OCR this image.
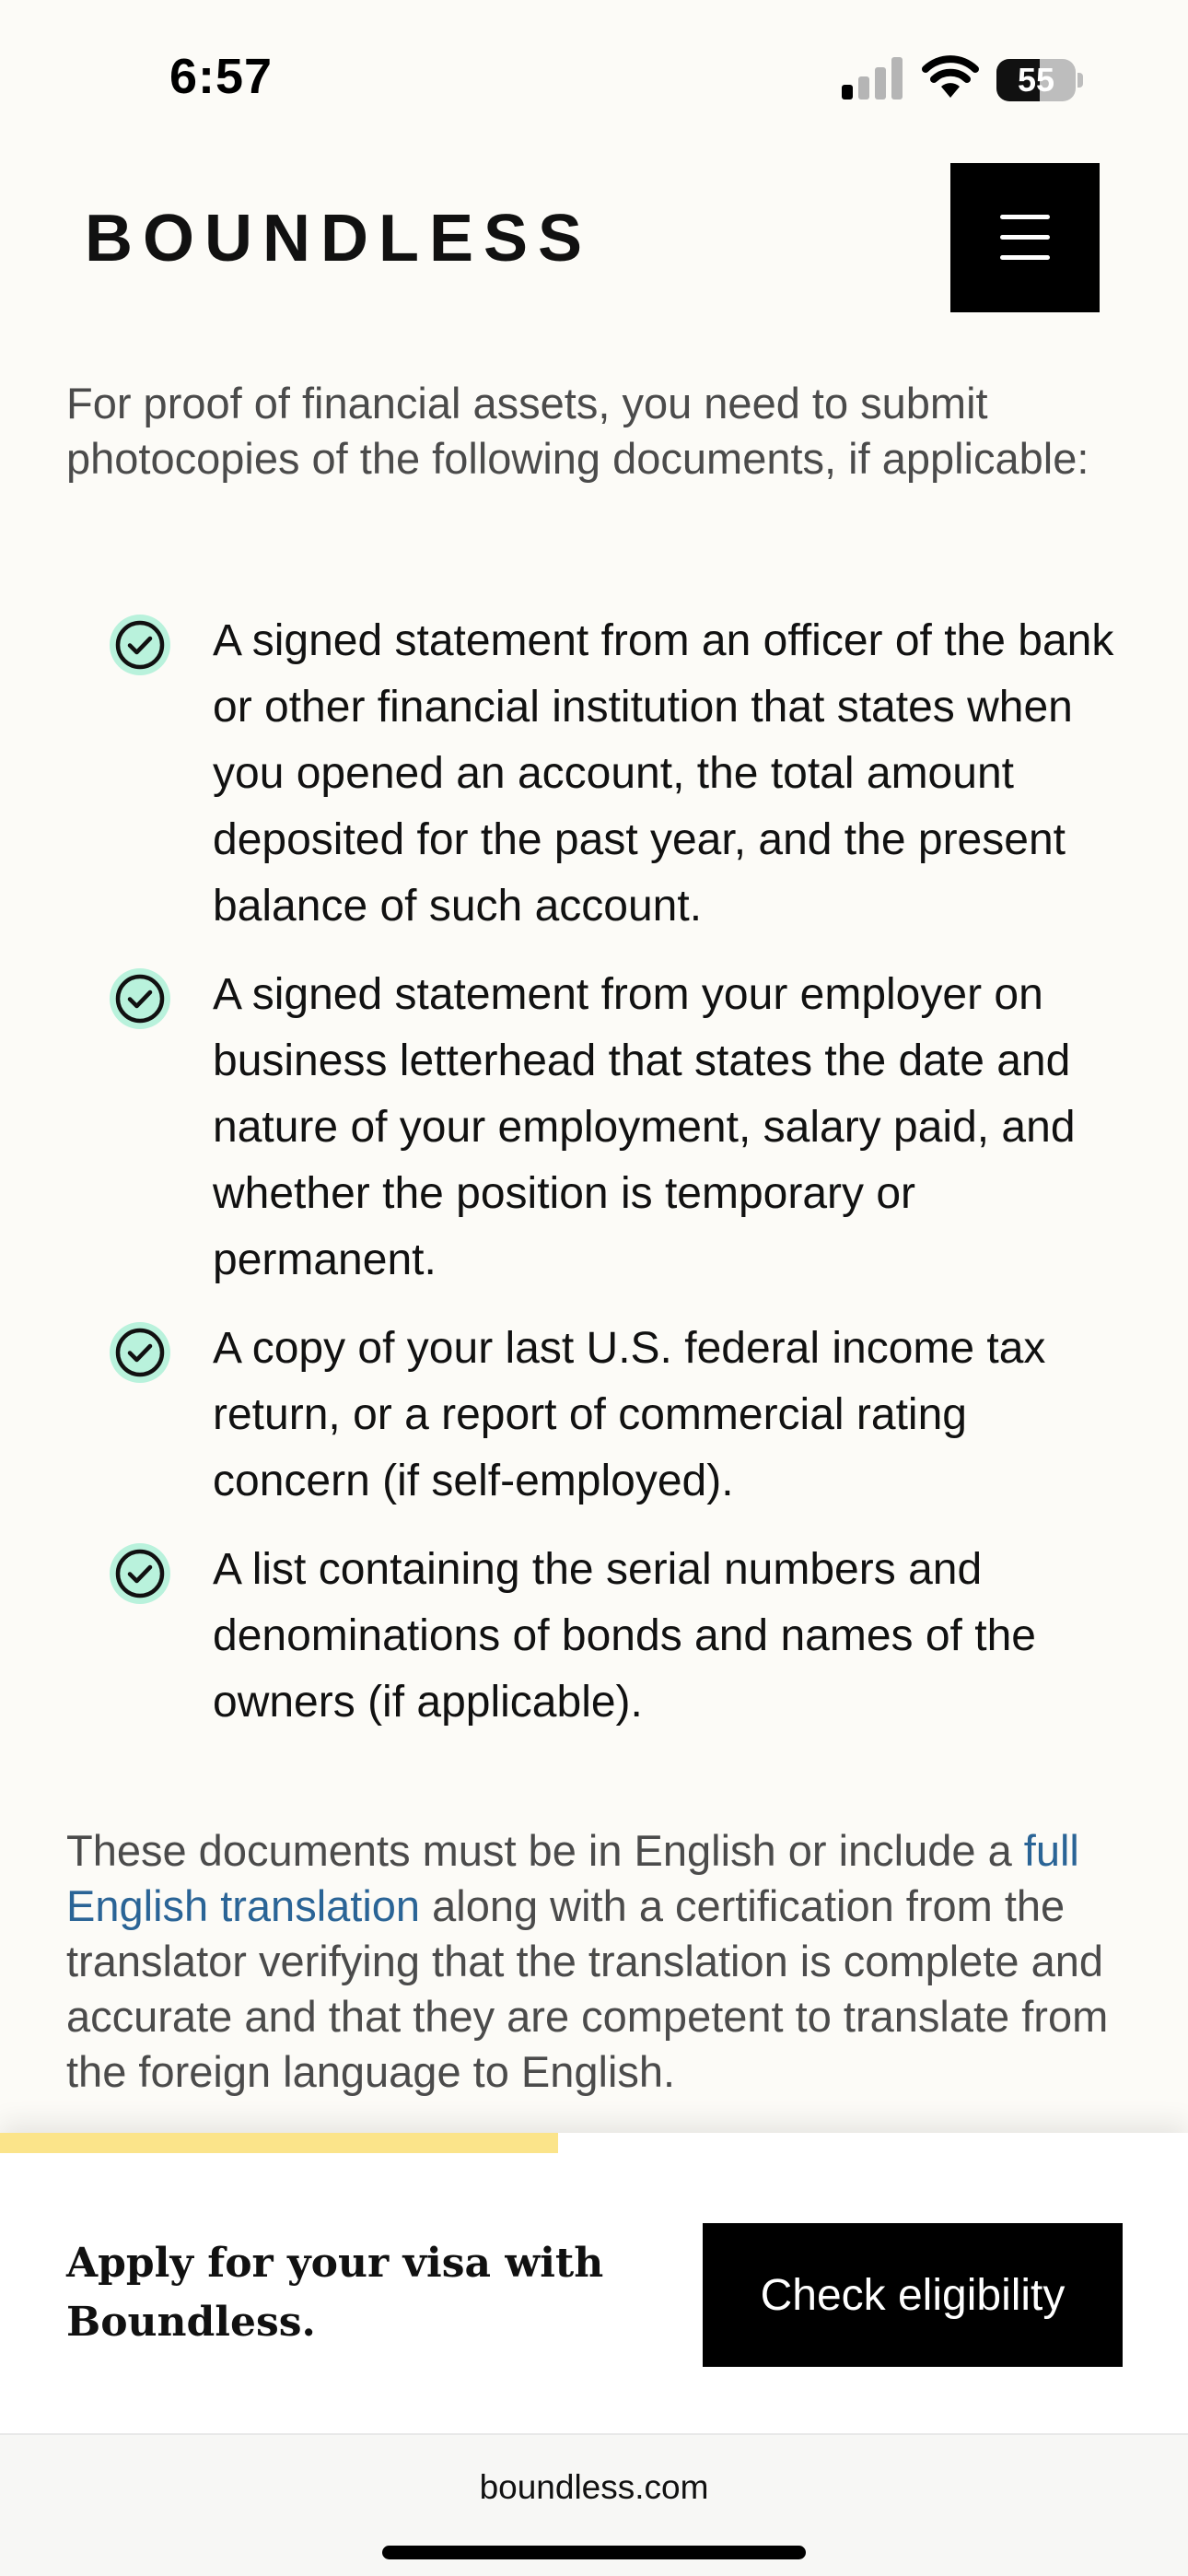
6:57	55
BOUNDLESS

For proof of financial assets, you need to submit photocopies of the following documents, if applicable:

A signed statement from an officer of the bank or other financial institution that states when you opened an account, the total amount deposited for the past year, and the present balance of such account.
A signed statement from your employer on business letterhead that states the date and nature of your employment, salary paid, and whether the position is temporary or permanent.
A copy of your last U.S. federal income tax return, or a report of commercial rating concern (if self-employed).
A list containing the serial numbers and denominations of bonds and names of the owners (if applicable).

These documents must be in English or include a full English translation along with a certification from the translator verifying that the translation is complete and accurate and that they are competent to translate from the foreign language to English.

Apply for your visa with Boundless.
Check eligibility
boundless.com
